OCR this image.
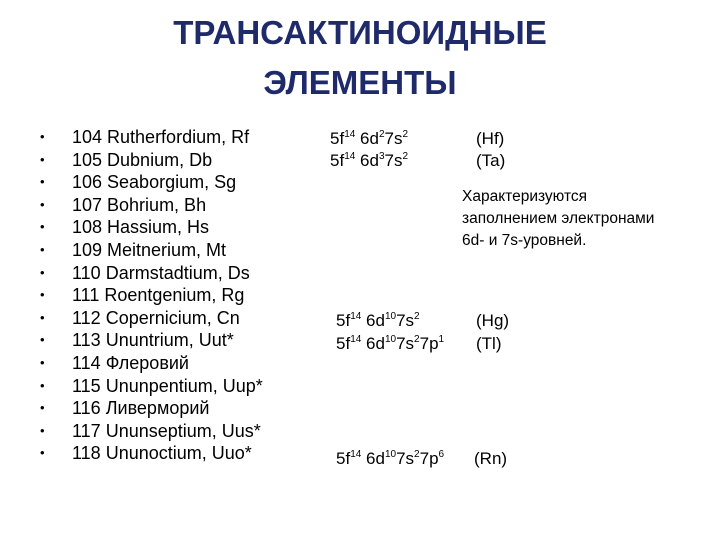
ТРАНСАКТИНОИДНЫЕ
ЭЛЕМЕНТЫ
• 104 Rutherfordium, Rf
• 105 Dubnium, Db
• 106 Seaborgium, Sg
• 107 Bohrium, Bh
• 108 Hassium, Hs
• 109 Meitnerium, Mt
• 110 Darmstadtium, Ds
• 111 Roentgenium, Rg
• 112 Copernicium, Cn
• 113 Ununtrium, Uut*
• 114 Флеровий
• 115 Ununpentium, Uup*
• 116 Ливерморий
• 117 Ununseptium, Uus*
• 118 Ununoctium, Uuo*
$5f^{14}$ $6d^27s^2$	(Hf)
$5f^{14}$ $6d^37s^2$	(Ta)
Характеризуются
заполнением электронами
6d- и 7s-уровней.
$5f^{14}$ $6d^{10}7s^2$	(Hg)
$5f^{14}$ $6d^{10}7s^27p^1$ (Tl)
$5f^{14}$ $6d^{10}7s^27p^6$ (Rn)
